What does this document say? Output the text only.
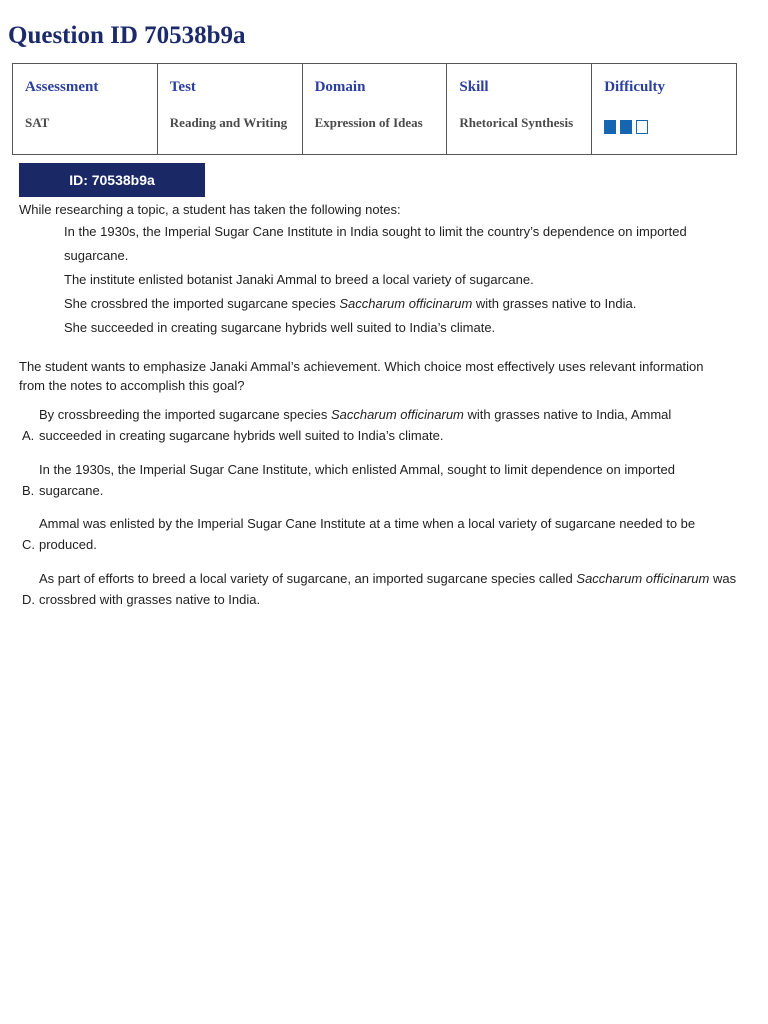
Question ID 70538b9a
Assessment
SAT

Test
Reading and Writing

Domain
Expression of Ideas

Skill
Rhetorical Synthesis

Difficulty
ID: 70538b9a

While researching a topic, a student has taken the following notes:

In the 1930s, the Imperial Sugar Cane Institute in India sought to limit the country’s dependence on imported sugarcane.
The institute enlisted botanist Janaki Ammal to breed a local variety of sugarcane.
She crossbred the imported sugarcane species Saccharum officinarum with grasses native to India.
She succeeded in creating sugarcane hybrids well suited to India’s climate.

The student wants to emphasize Janaki Ammal’s achievement. Which choice most effectively uses relevant information from the notes to accomplish this goal?

A.
By crossbreeding the imported sugarcane species Saccharum officinarum with grasses native to India, Ammal succeeded in creating sugarcane hybrids well suited to India’s climate.
B.
In the 1930s, the Imperial Sugar Cane Institute, which enlisted Ammal, sought to limit dependence on imported sugarcane.
C.
Ammal was enlisted by the Imperial Sugar Cane Institute at a time when a local variety of sugarcane needed to be produced.
D.
As part of efforts to breed a local variety of sugarcane, an imported sugarcane species called Saccharum officinarum was crossbred with grasses native to India.
